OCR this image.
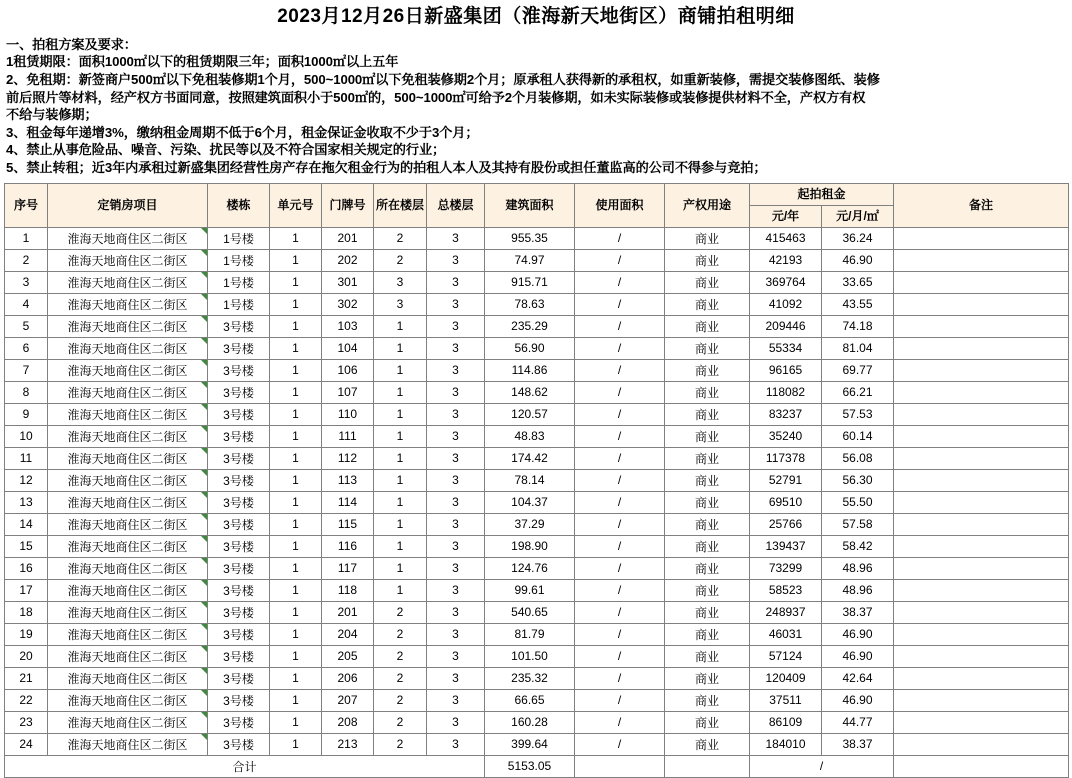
2023月12月26日新盛集团（淮海新天地街区）商铺拍租明细
一、拍租方案及要求：
1租赁期限：面积1000㎡以下的租赁期限三年；面积1000㎡以上五年
2、免租期：新签商户500㎡以下免租装修期1个月，500~1000㎡以下免租装修期2个月；原承租人获得新的承租权，如重新装修，需提交装修图纸、装修
前后照片等材料，经产权方书面同意，按照建筑面积小于500㎡的，500~1000㎡可给予2个月装修期，如未实际装修或装修提供材料不全，产权方有权
不给与装修期；
3、租金每年递增3%，缴纳租金周期不低于6个月，租金保证金收取不少于3个月；
4、禁止从事危险品、噪音、污染、扰民等以及不符合国家相关规定的行业；
5、禁止转租；近3年内承租过新盛集团经营性房产存在拖欠租金行为的拍租人本人及其持有股份或担任董监高的公司不得参与竞拍；
序号	定销房项目	楼栋	单元号	门牌号	所在楼层	总楼层	建筑面积	使用面积	产权用途	起拍租金		备注
										元/年	元/月/㎡	
1	淮海天地商住区二街区	1号楼	1	201	2	3	955.35	/	商业	415463	36.24	
2	淮海天地商住区二街区	1号楼	1	202	2	3	74.97	/	商业	42193	46.90	
3	淮海天地商住区二街区	1号楼	1	301	3	3	915.71	/	商业	369764	33.65	
4	淮海天地商住区二街区	1号楼	1	302	3	3	78.63	/	商业	41092	43.55	
5	淮海天地商住区二街区	3号楼	1	103	1	3	235.29	/	商业	209446	74.18	
6	淮海天地商住区二街区	3号楼	1	104	1	3	56.90	/	商业	55334	81.04	
7	淮海天地商住区二街区	3号楼	1	106	1	3	114.86	/	商业	96165	69.77	
8	淮海天地商住区二街区	3号楼	1	107	1	3	148.62	/	商业	118082	66.21	
9	淮海天地商住区二街区	3号楼	1	110	1	3	120.57	/	商业	83237	57.53	
10	淮海天地商住区二街区	3号楼	1	111	1	3	48.83	/	商业	35240	60.14	
11	淮海天地商住区二街区	3号楼	1	112	1	3	174.42	/	商业	117378	56.08	
12	淮海天地商住区二街区	3号楼	1	113	1	3	78.14	/	商业	52791	56.30	
13	淮海天地商住区二街区	3号楼	1	114	1	3	104.37	/	商业	69510	55.50	
14	淮海天地商住区二街区	3号楼	1	115	1	3	37.29	/	商业	25766	57.58	
15	淮海天地商住区二街区	3号楼	1	116	1	3	198.90	/	商业	139437	58.42	
16	淮海天地商住区二街区	3号楼	1	117	1	3	124.76	/	商业	73299	48.96	
17	淮海天地商住区二街区	3号楼	1	118	1	3	99.61	/	商业	58523	48.96	
18	淮海天地商住区二街区	3号楼	1	201	2	3	540.65	/	商业	248937	38.37	
19	淮海天地商住区二街区	3号楼	1	204	2	3	81.79	/	商业	46031	46.90	
20	淮海天地商住区二街区	3号楼	1	205	2	3	101.50	/	商业	57124	46.90	
21	淮海天地商住区二街区	3号楼	1	206	2	3	235.32	/	商业	120409	42.64	
22	淮海天地商住区二街区	3号楼	1	207	2	3	66.65	/	商业	37511	46.90	
23	淮海天地商住区二街区	3号楼	1	208	2	3	160.28	/	商业	86109	44.77	
24	淮海天地商住区二街区	3号楼	1	213	2	3	399.64	/	商业	184010	38.37	
合计							5153.05			/		
